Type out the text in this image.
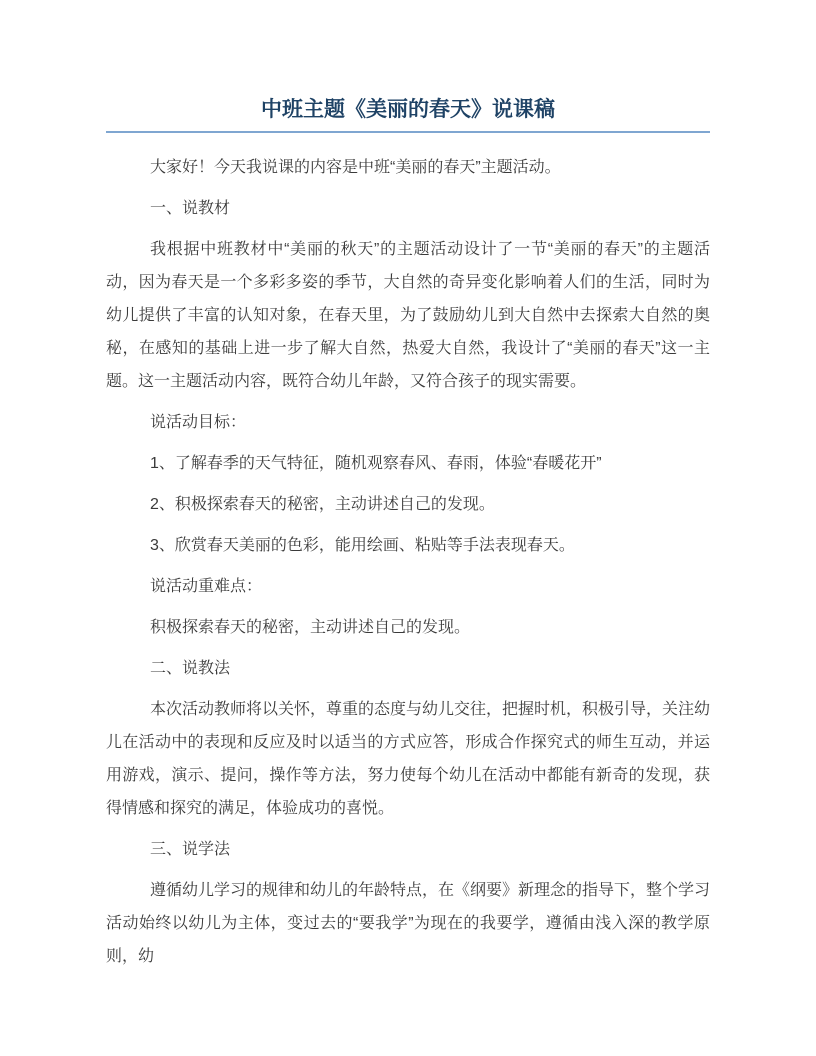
中班主题《美丽的春天》说课稿

大家好！今天我说课的内容是中班“美丽的春天”主题活动。

一、说教材

我根据中班教材中“美丽的秋天”的主题活动设计了一节“美丽的春天”的主题活动，因为春天是一个多彩多姿的季节，大自然的奇异变化影响着人们的生活，同时为幼儿提供了丰富的认知对象，在春天里，为了鼓励幼儿到大自然中去探索大自然的奥秘，在感知的基础上进一步了解大自然，热爱大自然，我设计了“美丽的春天”这一主题。这一主题活动内容，既符合幼儿年龄，又符合孩子的现实需要。

说活动目标：

1、了解春季的天气特征，随机观察春风、春雨，体验“春暖花开”

2、积极探索春天的秘密，主动讲述自己的发现。

3、欣赏春天美丽的色彩，能用绘画、粘贴等手法表现春天。

说活动重难点：

积极探索春天的秘密，主动讲述自己的发现。

二、说教法

本次活动教师将以关怀，尊重的态度与幼儿交往，把握时机，积极引导，关注幼儿在活动中的表现和反应及时以适当的方式应答，形成合作探究式的师生互动，并运用游戏，演示、提问，操作等方法，努力使每个幼儿在活动中都能有新奇的发现，获得情感和探究的满足，体验成功的喜悦。

三、说学法

遵循幼儿学习的规律和幼儿的年龄特点，在《纲要》新理念的指导下，整个学习活动始终以幼儿为主体，变过去的“要我学”为现在的我要学，遵循由浅入深的教学原则，幼
